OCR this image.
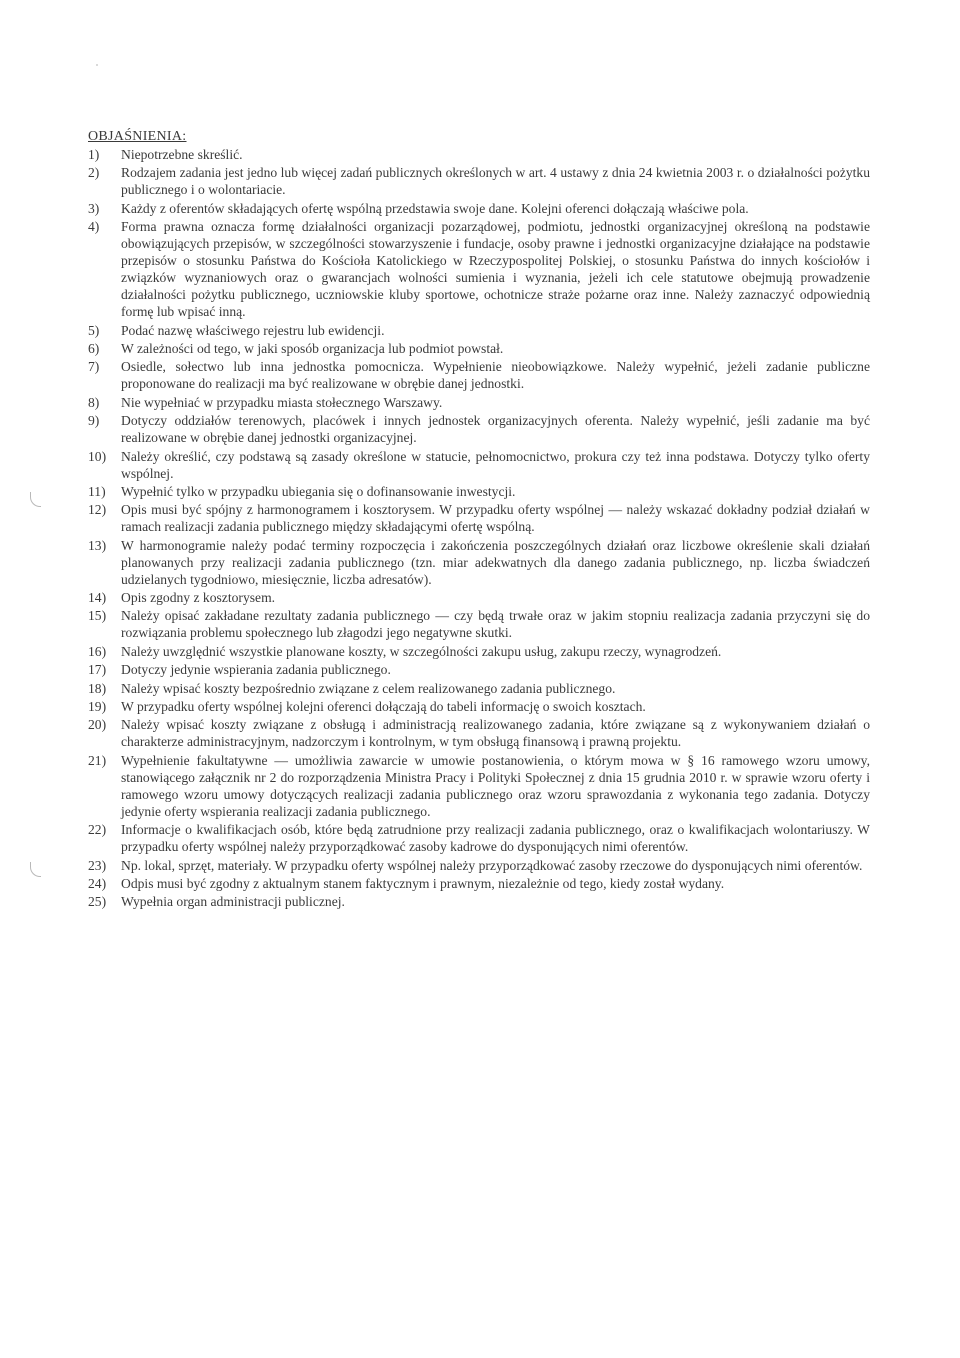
OBJAŚNIENIA:
1)	Niepotrzebne skreślić.
2)	Rodzajem zadania jest jedno lub więcej zadań publicznych określonych w art. 4 ustawy z dnia 24 kwietnia 2003 r. o działalności pożytku publicznego i o wolontariacie.
3)	Każdy z oferentów składających ofertę wspólną przedstawia swoje dane. Kolejni oferenci dołączają właściwe pola.
4)	Forma prawna oznacza formę działalności organizacji pozarządowej, podmiotu, jednostki organizacyjnej określoną na podstawie obowiązujących przepisów, w szczególności stowarzyszenie i fundacje, osoby prawne i jednostki organizacyjne działające na podstawie przepisów o stosunku Państwa do Kościoła Katolickiego w Rzeczypospolitej Polskiej, o stosunku Państwa do innych kościołów i związków wyznaniowych oraz o gwarancjach wolności sumienia i wyznania, jeżeli ich cele statutowe obejmują prowadzenie działalności pożytku publicznego, uczniowskie kluby sportowe, ochotnicze straże pożarne oraz inne. Należy zaznaczyć odpowiednią formę lub wpisać inną.
5)	Podać nazwę właściwego rejestru lub ewidencji.
6)	W zależności od tego, w jaki sposób organizacja lub podmiot powstał.
7)	Osiedle, sołectwo lub inna jednostka pomocnicza. Wypełnienie nieobowiązkowe. Należy wypełnić, jeżeli zadanie publiczne proponowane do realizacji ma być realizowane w obrębie danej jednostki.
8)	Nie wypełniać w przypadku miasta stołecznego Warszawy.
9)	Dotyczy oddziałów terenowych, placówek i innych jednostek organizacyjnych oferenta. Należy wypełnić, jeśli zadanie ma być realizowane w obrębie danej jednostki organizacyjnej.
10)	Należy określić, czy podstawą są zasady określone w statucie, pełnomocnictwo, prokura czy też inna podstawa. Dotyczy tylko oferty wspólnej.
11)	Wypełnić tylko w przypadku ubiegania się o dofinansowanie inwestycji.
12)	Opis musi być spójny z harmonogramem i kosztorysem. W przypadku oferty wspólnej — należy wskazać dokładny podział działań w ramach realizacji zadania publicznego między składającymi ofertę wspólną.
13)	W harmonogramie należy podać terminy rozpoczęcia i zakończenia poszczególnych działań oraz liczbowe określenie skali działań planowanych przy realizacji zadania publicznego (tzn. miar adekwatnych dla danego zadania publicznego, np. liczba świadczeń udzielanych tygodniowo, miesięcznie, liczba adresatów).
14)	Opis zgodny z kosztorysem.
15)	Należy opisać zakładane rezultaty zadania publicznego — czy będą trwałe oraz w jakim stopniu realizacja zadania przyczyni się do rozwiązania problemu społecznego lub złagodzi jego negatywne skutki.
16)	Należy uwzględnić wszystkie planowane koszty, w szczególności zakupu usług, zakupu rzeczy, wynagrodzeń.
17)	Dotyczy jedynie wspierania zadania publicznego.
18)	Należy wpisać koszty bezpośrednio związane z celem realizowanego zadania publicznego.
19)	W przypadku oferty wspólnej kolejni oferenci dołączają do tabeli informację o swoich kosztach.
20)	Należy wpisać koszty związane z obsługą i administracją realizowanego zadania, które związane są z wykonywaniem działań o charakterze administracyjnym, nadzorczym i kontrolnym, w tym obsługą finansową i prawną projektu.
21)	Wypełnienie fakultatywne — umożliwia zawarcie w umowie postanowienia, o którym mowa w § 16 ramowego wzoru umowy, stanowiącego załącznik nr 2 do rozporządzenia Ministra Pracy i Polityki Społecznej z dnia 15 grudnia 2010 r. w sprawie wzoru oferty i ramowego wzoru umowy dotyczących realizacji zadania publicznego oraz wzoru sprawozdania z wykonania tego zadania. Dotyczy jedynie oferty wspierania realizacji zadania publicznego.
22)	Informacje o kwalifikacjach osób, które będą zatrudnione przy realizacji zadania publicznego, oraz o kwalifikacjach wolontariuszy. W przypadku oferty wspólnej należy przyporządkować zasoby kadrowe do dysponujących nimi oferentów.
23)	Np. lokal, sprzęt, materiały. W przypadku oferty wspólnej należy przyporządkować zasoby rzeczowe do dysponujących nimi oferentów.
24)	Odpis musi być zgodny z aktualnym stanem faktycznym i prawnym, niezależnie od tego, kiedy został wydany.
25)	Wypełnia organ administracji publicznej.
